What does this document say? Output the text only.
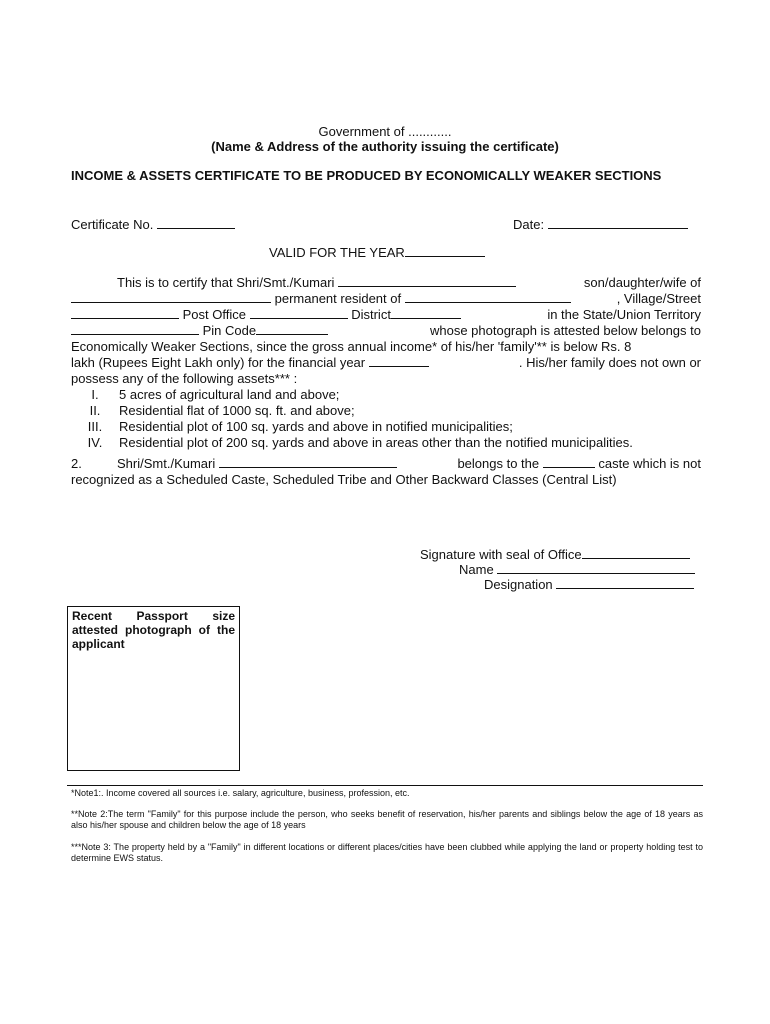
Government of ............
(Name & Address of the authority issuing the certificate)
INCOME & ASSETS CERTIFICATE TO BE PRODUCED BY ECONOMICALLY WEAKER SECTIONS
Certificate No.	Date:
VALID FOR THE YEAR
This is to certify that Shri/Smt./Kumari	son/daughter/wife of
permanent resident of	, Village/Street
Post Office	District	in the State/Union Territory
Pin Code	whose photograph is attested below belongs to
Economically Weaker Sections, since the gross annual income* of his/her 'family'** is below Rs. 8
lakh (Rupees Eight Lakh only) for the financial year	. His/her family does not own or
possess any of the following assets*** :
I.	5 acres of agricultural land and above;
II.	Residential flat of 1000 sq. ft. and above;
III.	Residential plot of 100 sq. yards and above in notified municipalities;
IV.	Residential plot of 200 sq. yards and above in areas other than the notified municipalities.
2.	Shri/Smt./Kumari	belongs to the	caste which is not
recognized as a Scheduled Caste, Scheduled Tribe and Other Backward Classes (Central List)
Signature with seal of Office
Name
Designation
Recent Passport size attested photograph of the applicant
*Note1:. Income covered all sources i.e. salary, agriculture, business, profession, etc.
**Note 2:The term "Family" for this purpose include the person, who seeks benefit of reservation, his/her parents and siblings below the age of 18 years as also his/her spouse and children below the age of 18 years
***Note 3: The property held by a "Family" in different locations or different places/cities have been clubbed while applying the land or property holding test to determine EWS status.
